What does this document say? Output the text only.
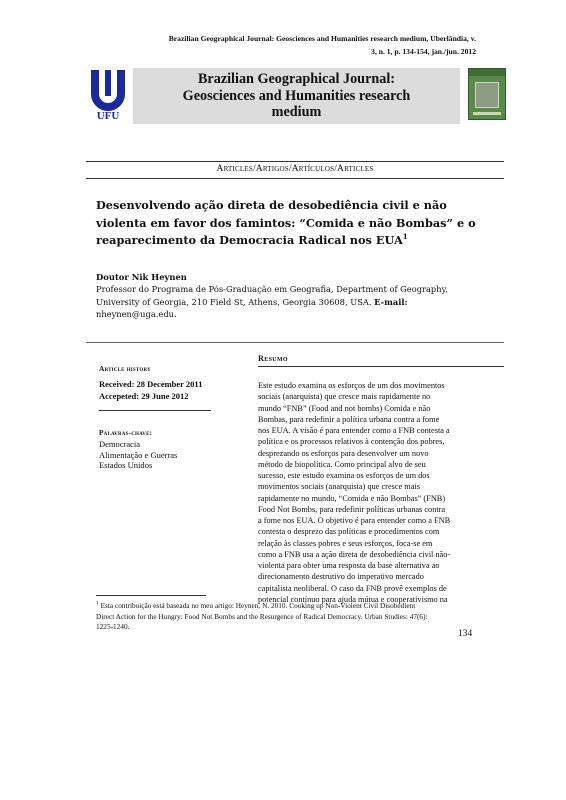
Brazilian Geographical Journal: Geosciences and Humanities research medium, Uberlândia, v.
3, n. 1, p. 134-154, jan./jun. 2012
UFU
Brazilian Geographical Journal:
Geosciences and Humanities research
medium
Articles/Artigos/Artículos/Articles
Desenvolvendo ação direta de desobediência civil e não
violenta em favor dos famintos: “Comida e não Bombas” e o
reaparecimento da Democracia Radical nos EUA$^1$
Doutor Nik Heynen
Professor do Programa de Pós-Graduação em Geografia, Department of Geography,
University of Georgia, 210 Field St, Athens, Georgia 30608, USA. E-mail:
nheynen@uga.edu.
Article history
Received: 28 December 2011
Accepeted: 29 June 2012
Palavras-chave:
Democracia
Alimentação e Guerras
Estados Unidos
Resumo
Este estudo examina os esforços de um dos movimentos
sociais (anarquista) que cresce mais rapidamente no
mundo “FNB” (Food and not bombs) Comida e não
Bombas, para redefinir a política urbana contra a fome
nos EUA. A visão é para entender como a FNB contesta a
política e os processos relativos à contenção dos pobres,
desprezando os esforços para desenvolver um novo
método de biopolítica. Como principal alvo de seu
sucesso, este estudo examina os esforços de um dos
movimentos sociais (anarquista) que cresce mais
rapidamente no mundo, “Comida e não Bombas” (FNB)
Food Not Bombs, para redefinir políticas urbanas contra
a fome nos EUA. O objetivo é para entender como a FNB
contesta o desprezo das políticas e procedimentos com
relação às classes pobres e seus esforços, foca-se em
como a FNB usa a ação direta de desobediência civil não-
violenta para obter uma resposta da base alternativa ao
direcionamento destrutivo do imperativo mercado
capitalista neoliberal. O caso da FNB provê exemplos de
potencial contínuo para ajuda mútua e cooperativismo na
$^1$ Esta contribuição está baseada no meu artigo: Heynen, N. 2010. Cooking up Non-Violent Civil Disobedient
Direct Action for the Hungry: Food Not Bombs and the Resurgence of Radical Democracy. Urban Studies: 47(6):
1225-1240.
134
